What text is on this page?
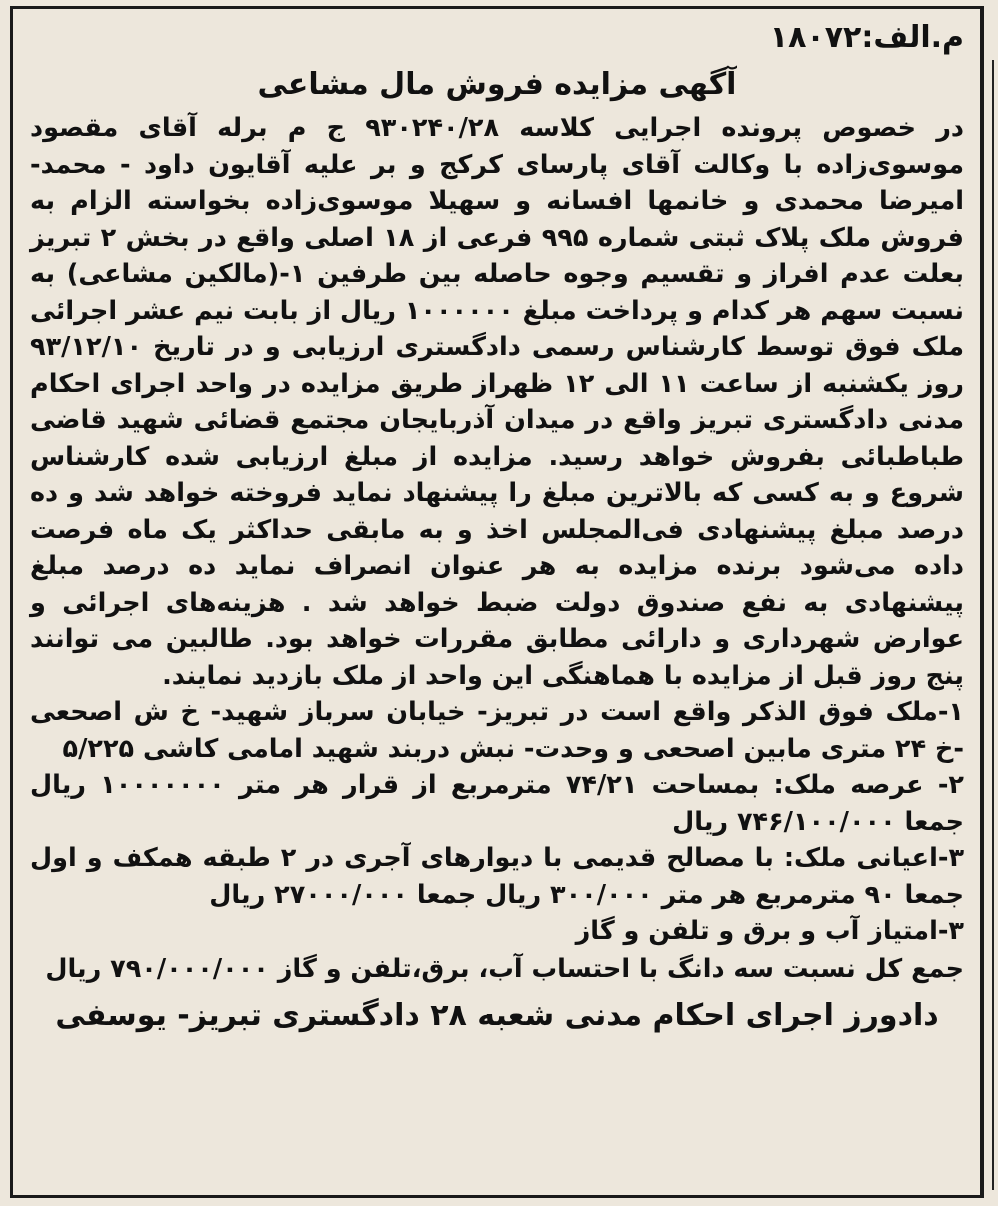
م.الف:۱۸۰۷۲

آگهی مزایده فروش مال مشاعی

در خصوص پرونده اجرایی کلاسه ۹۳۰۲۴۰/۲۸ ج م برله آقای مقصود موسوی‌زاده با وکالت آقای پارسای کرکج و بر علیه آقایون داود - محمد- امیرضا محمدی و خانمها افسانه و سهیلا موسوی‌زاده بخواسته الزام به فروش ملک پلاک ثبتی شماره ۹۹۵ فرعی از ۱۸ اصلی واقع در بخش ۲ تبریز بعلت عدم افراز و تقسیم وجوه حاصله بین طرفین ۱-(مالکین مشاعی) به نسبت سهم هر کدام و پرداخت مبلغ ۱۰۰۰۰۰۰ ریال از بابت نیم عشر اجرائی ملک فوق توسط کارشناس رسمی دادگستری ارزیابی و در تاریخ ۹۳/۱۲/۱۰ روز یکشنبه از ساعت ۱۱ الی ۱۲ ظهراز طریق مزایده در واحد اجرای احکام مدنی دادگستری تبریز واقع در میدان آذربایجان مجتمع قضائی شهید قاضی طباطبائی بفروش خواهد رسید. مزایده از مبلغ ارزیابی شده کارشناس شروع و به کسی که بالاترین مبلغ را پیشنهاد نماید فروخته خواهد شد و ده درصد مبلغ پیشنهادی فی‌المجلس اخذ و به مابقی حداکثر یک ماه فرصت داده می‌شود برنده مزایده به هر عنوان انصراف نماید ده درصد مبلغ پیشنهادی به نفع صندوق دولت ضبط خواهد شد . هزینه‌های اجرائی و عوارض شهرداری و دارائی مطابق مقررات خواهد بود. طالبین می توانند پنج روز قبل از مزایده با هماهنگی این واحد از ملک بازدید نمایند.

۱-ملک فوق الذکر واقع است در تبریز- خیابان سرباز شهید- خ ش اصحعی -خ ۲۴ متری مابین اصحعی و وحدت- نبش دربند شهید امامی کاشی ۵/۲۲۵
۲- عرصه ملک: بمساحت ۷۴/۲۱ مترمربع از قرار هر متر ۱۰۰۰۰۰۰۰ ریال جمعا ۷۴۶/۱۰۰/۰۰۰ ریال
۳-اعیانی ملک: با مصالح قدیمی با دیوارهای آجری در ۲ طبقه همکف و اول جمعا ۹۰ مترمربع هر متر ۳۰۰/۰۰۰ ریال جمعا ۲۷۰۰۰/۰۰۰ ریال
۳-امتیاز آب و برق و تلفن و گاز

جمع کل نسبت سه دانگ با احتساب آب، برق،تلفن و گاز ۷۹۰/۰۰۰/۰۰۰ ریال

دادورز اجرای احکام مدنی شعبه ۲۸ دادگستری تبریز- یوسفی
